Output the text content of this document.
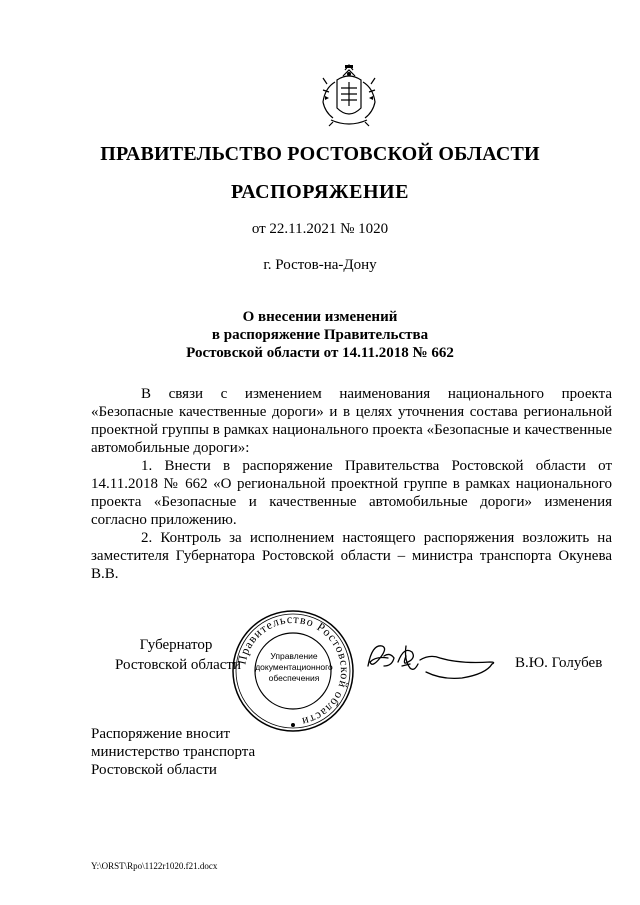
ПРАВИТЕЛЬСТВО РОСТОВСКОЙ ОБЛАСТИ
РАСПОРЯЖЕНИЕ
от 22.11.2021 № 1020
г. Ростов-на-Дону
О внесении изменений
в распоряжение Правительства
Ростовской области от 14.11.2018 № 662

В связи с изменением наименования национального проекта «Безопасные качественные дороги» и в целях уточнения состава региональной проектной группы в рамках национального проекта «Безопасные и качественные автомобильные дороги»:

1. Внести в распоряжение Правительства Ростовской области от 14.11.2018 № 662 «О региональной проектной группе в рамках национального проекта «Безопасные и качественные автомобильные дороги» изменения согласно приложению.

2. Контроль за исполнением настоящего распоряжения возложить на заместителя Губернатора Ростовской области – министра транспорта Окунева В.В.

Губернатор
Ростовской области
Правительство Ростовской области
Управление
документационного
обеспечения
В.Ю. Голубев
Распоряжение вносит
министерство транспорта
Ростовской области
Y:\ORST\Rpo\1122r1020.f21.docx
